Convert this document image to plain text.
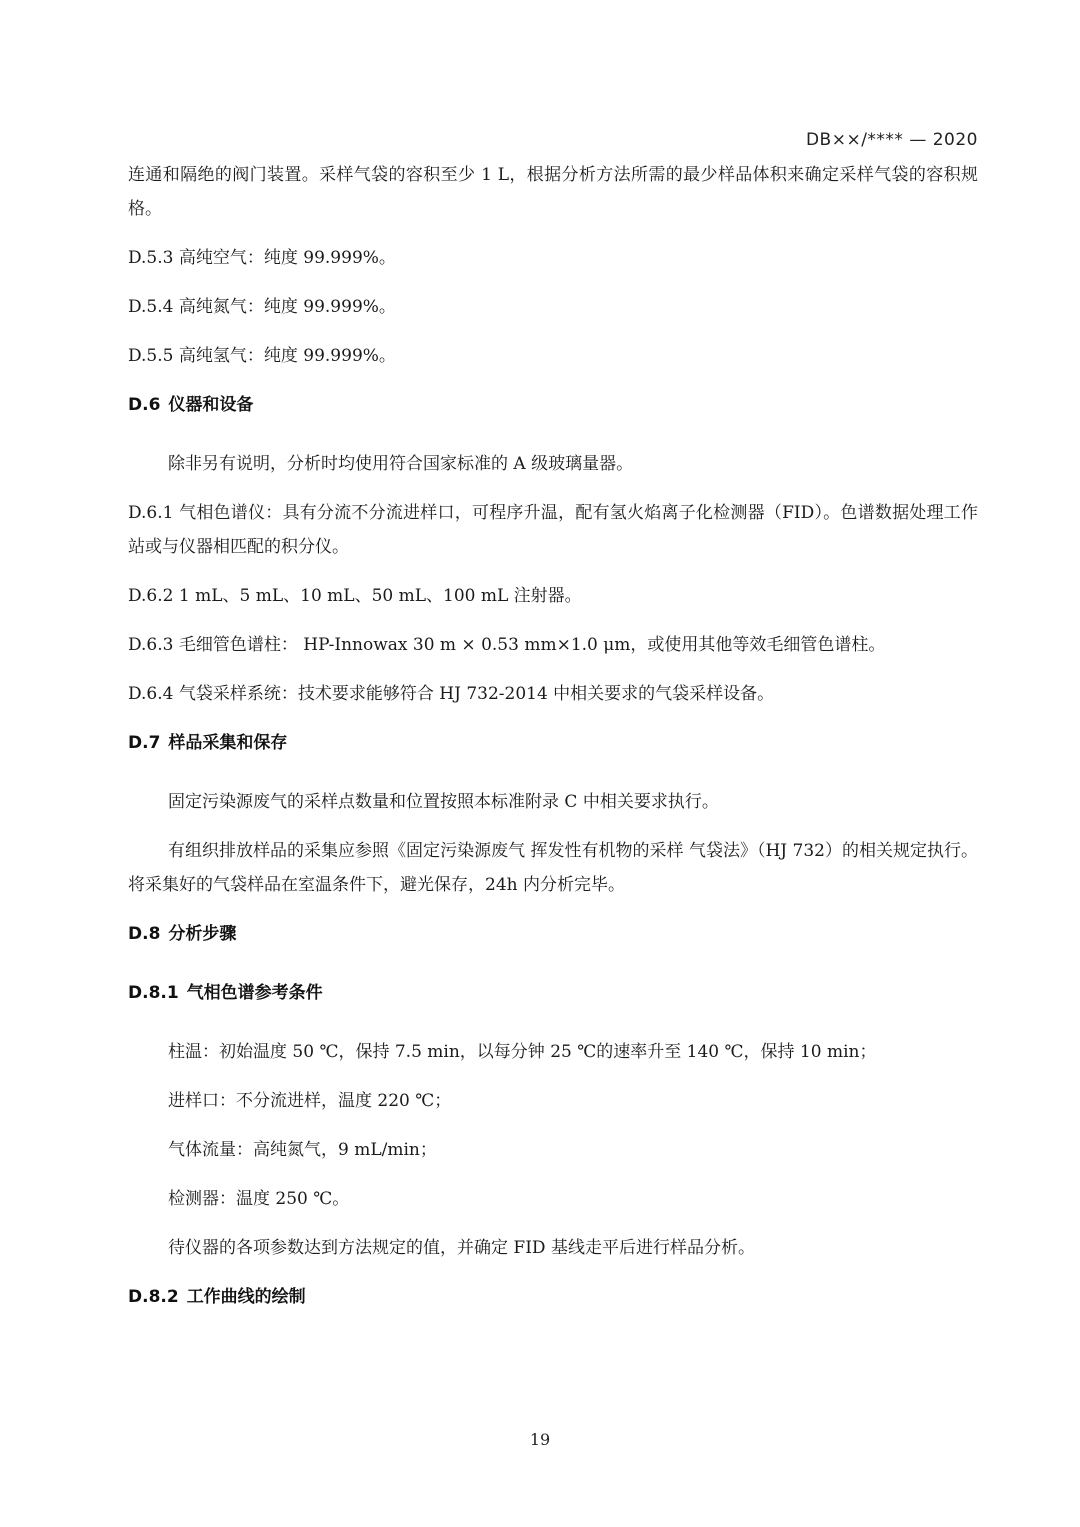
DB××/**** — 2020

连通和隔绝的阀门装置。采样气袋的容积至少 1 L，根据分析方法所需的最少样品体积来确定采样气袋的容积规格。

D.5.3 高纯空气：纯度 99.999%。

D.5.4 高纯氮气：纯度 99.999%。

D.5.5 高纯氢气：纯度 99.999%。

D.6 仪器和设备

除非另有说明，分析时均使用符合国家标准的 A 级玻璃量器。

D.6.1 气相色谱仪：具有分流不分流进样口，可程序升温，配有氢火焰离子化检测器（FID）。色谱数据处理工作站或与仪器相匹配的积分仪。

D.6.2 1 mL、5 mL、10 mL、50 mL、100 mL 注射器。

D.6.3 毛细管色谱柱： HP-Innowax 30 m × 0.53 mm×1.0 μm，或使用其他等效毛细管色谱柱。

D.6.4 气袋采样系统：技术要求能够符合 HJ 732-2014 中相关要求的气袋采样设备。

D.7 样品采集和保存

固定污染源废气的采样点数量和位置按照本标准附录 C 中相关要求执行。

有组织排放样品的采集应参照《固定污染源废气 挥发性有机物的采样 气袋法》（HJ 732）的相关规定执行。将采集好的气袋样品在室温条件下，避光保存，24h 内分析完毕。

D.8 分析步骤
D.8.1 气相色谱参考条件

柱温：初始温度 50 ℃，保持 7.5 min，以每分钟 25 ℃的速率升至 140 ℃，保持 10 min；

进样口：不分流进样，温度 220 ℃；

气体流量：高纯氮气，9 mL/min；

检测器：温度 250 ℃。

待仪器的各项参数达到方法规定的值，并确定 FID 基线走平后进行样品分析。

D.8.2 工作曲线的绘制
19
